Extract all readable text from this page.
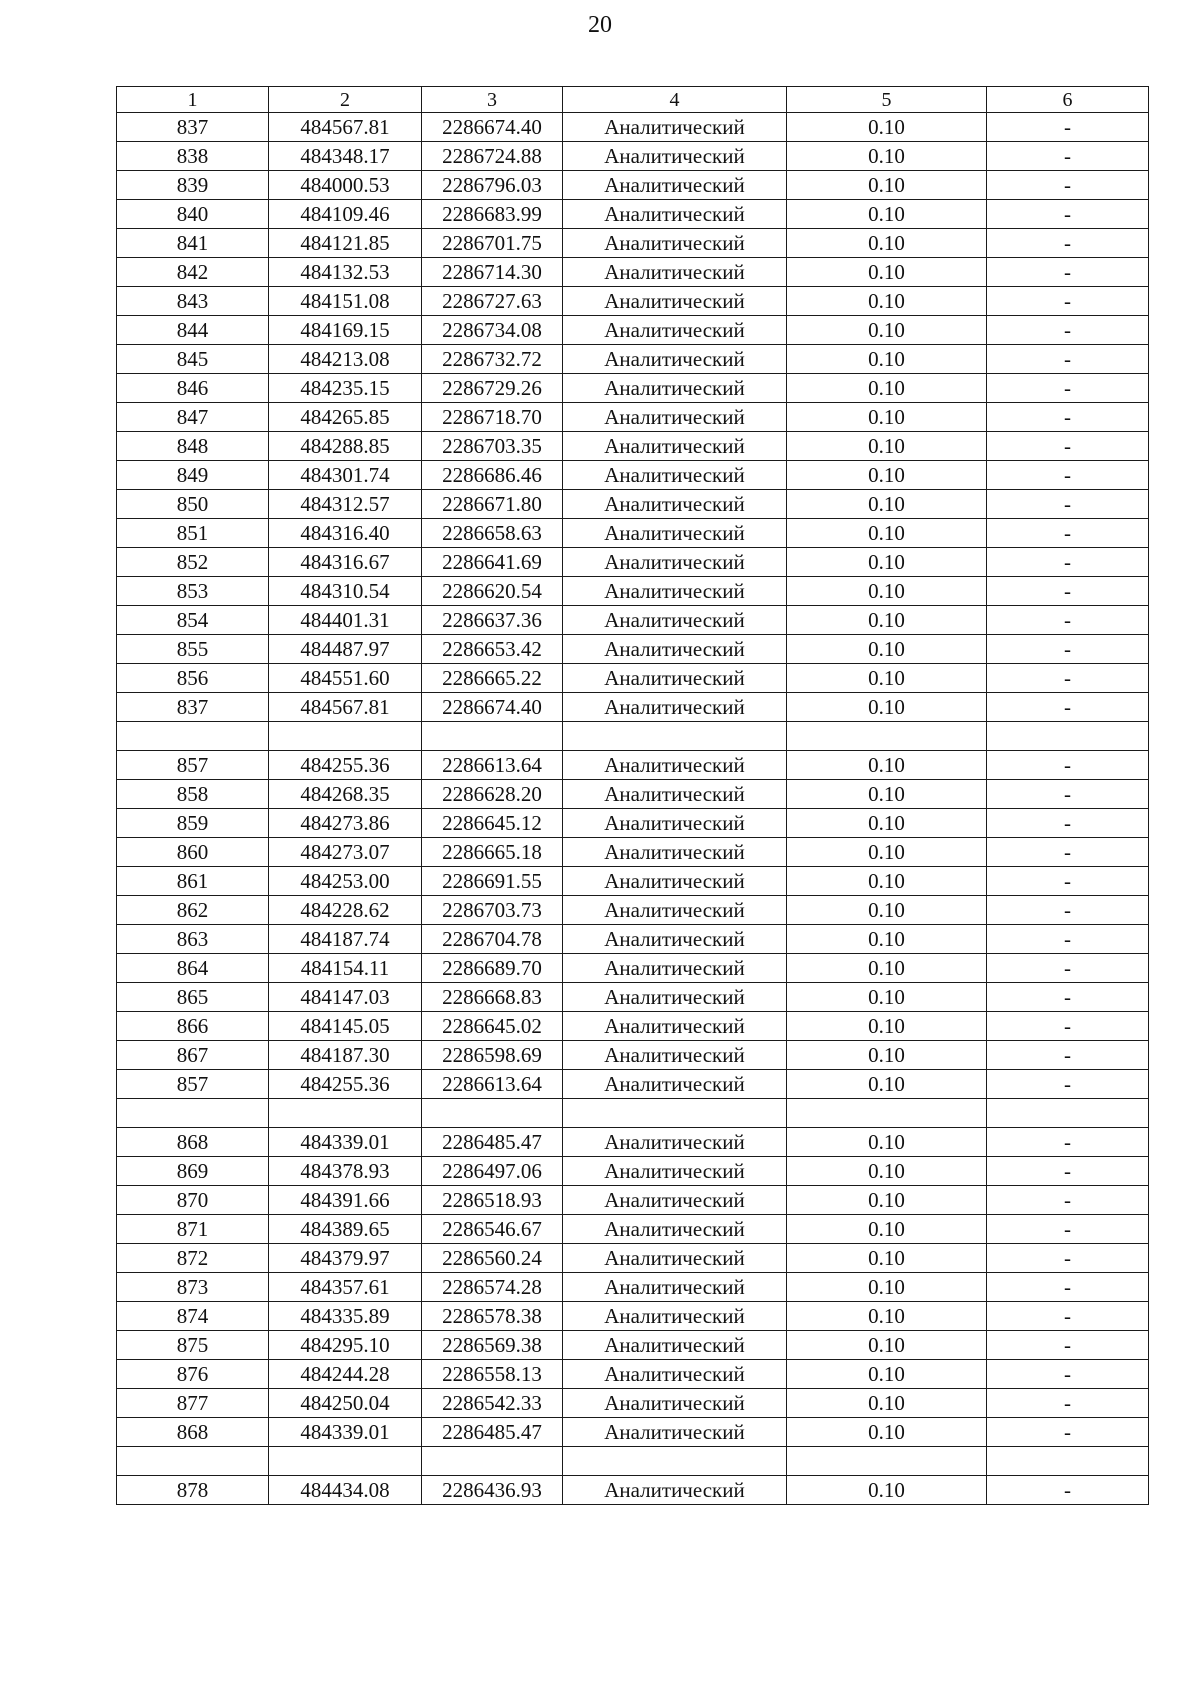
20
1	2	3	4	5	6
837	484567.81	2286674.40	Аналитический	0.10	-
838	484348.17	2286724.88	Аналитический	0.10	-
839	484000.53	2286796.03	Аналитический	0.10	-
840	484109.46	2286683.99	Аналитический	0.10	-
841	484121.85	2286701.75	Аналитический	0.10	-
842	484132.53	2286714.30	Аналитический	0.10	-
843	484151.08	2286727.63	Аналитический	0.10	-
844	484169.15	2286734.08	Аналитический	0.10	-
845	484213.08	2286732.72	Аналитический	0.10	-
846	484235.15	2286729.26	Аналитический	0.10	-
847	484265.85	2286718.70	Аналитический	0.10	-
848	484288.85	2286703.35	Аналитический	0.10	-
849	484301.74	2286686.46	Аналитический	0.10	-
850	484312.57	2286671.80	Аналитический	0.10	-
851	484316.40	2286658.63	Аналитический	0.10	-
852	484316.67	2286641.69	Аналитический	0.10	-
853	484310.54	2286620.54	Аналитический	0.10	-
854	484401.31	2286637.36	Аналитический	0.10	-
855	484487.97	2286653.42	Аналитический	0.10	-
856	484551.60	2286665.22	Аналитический	0.10	-
837	484567.81	2286674.40	Аналитический	0.10	-

857	484255.36	2286613.64	Аналитический	0.10	-
858	484268.35	2286628.20	Аналитический	0.10	-
859	484273.86	2286645.12	Аналитический	0.10	-
860	484273.07	2286665.18	Аналитический	0.10	-
861	484253.00	2286691.55	Аналитический	0.10	-
862	484228.62	2286703.73	Аналитический	0.10	-
863	484187.74	2286704.78	Аналитический	0.10	-
864	484154.11	2286689.70	Аналитический	0.10	-
865	484147.03	2286668.83	Аналитический	0.10	-
866	484145.05	2286645.02	Аналитический	0.10	-
867	484187.30	2286598.69	Аналитический	0.10	-
857	484255.36	2286613.64	Аналитический	0.10	-

868	484339.01	2286485.47	Аналитический	0.10	-
869	484378.93	2286497.06	Аналитический	0.10	-
870	484391.66	2286518.93	Аналитический	0.10	-
871	484389.65	2286546.67	Аналитический	0.10	-
872	484379.97	2286560.24	Аналитический	0.10	-
873	484357.61	2286574.28	Аналитический	0.10	-
874	484335.89	2286578.38	Аналитический	0.10	-
875	484295.10	2286569.38	Аналитический	0.10	-
876	484244.28	2286558.13	Аналитический	0.10	-
877	484250.04	2286542.33	Аналитический	0.10	-
868	484339.01	2286485.47	Аналитический	0.10	-

878	484434.08	2286436.93	Аналитический	0.10	-
